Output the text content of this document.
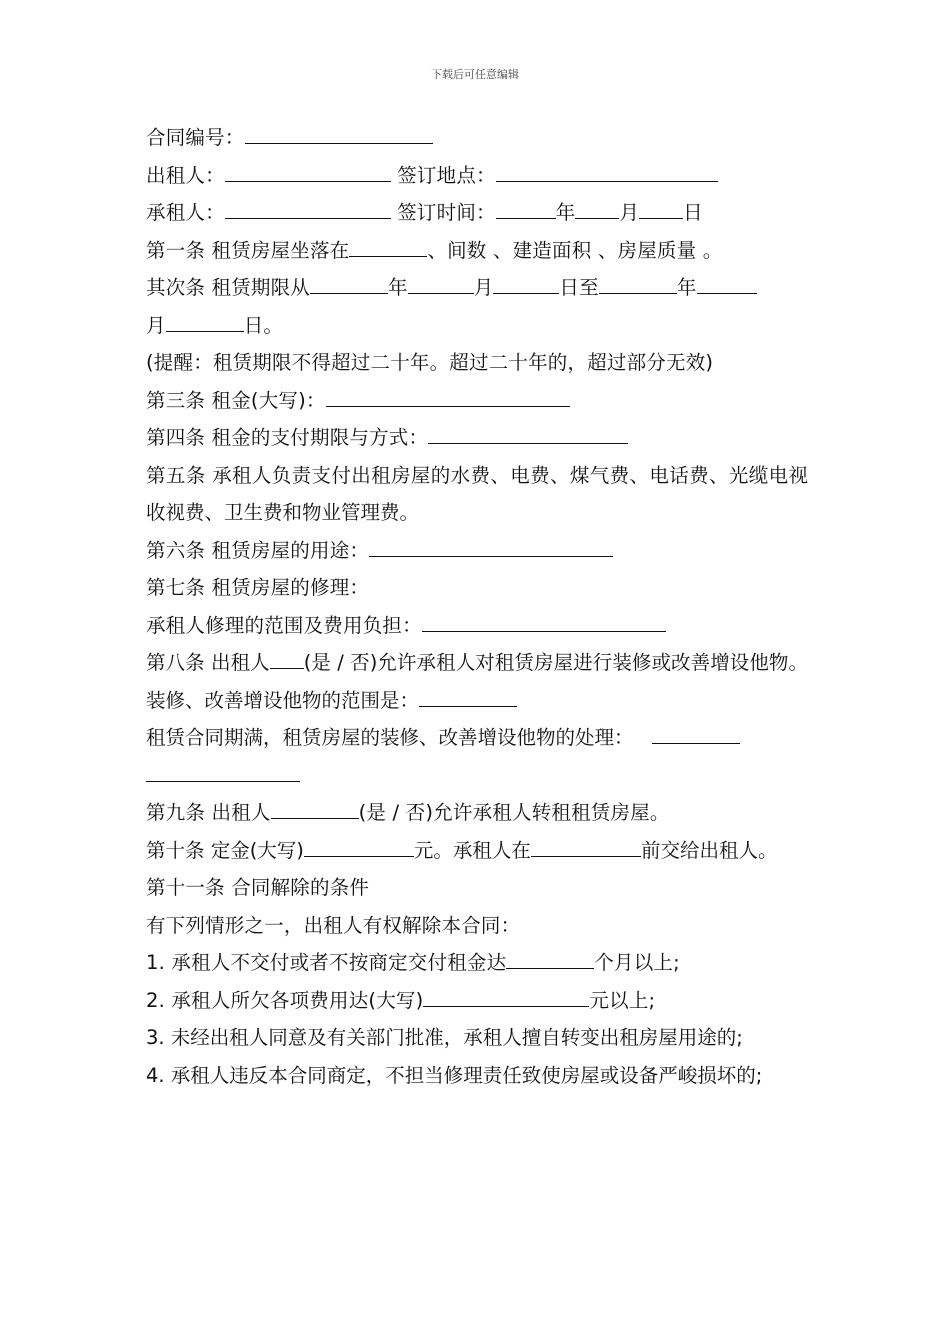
下载后可任意编辑
合同编号：
出租人：	签订地点：
承租人：	签订时间：	年 月 日
第一条 租赁房屋坐落在	、间数 、建造面积 、房屋质量 。
其次条 租赁期限从	年	月	日至	年
月	日。
(提醒：租赁期限不得超过二十年。超过二十年的，超过部分无效)
第三条 租金(大写)：
第四条 租金的支付期限与方式：
第五条 承租人负责支付出租房屋的水费、电费、煤气费、电话费、光缆电视收视费、卫生费和物业管理费。
第六条 租赁房屋的用途：
第七条 租赁房屋的修理：
承租人修理的范围及费用负担：
第八条 出租人 (是 / 否)允许承租人对租赁房屋进行装修或改善增设他物。装修、改善增设他物的范围是：
租赁合同期满，租赁房屋的装修、改善增设他物的处理：

第九条 出租人	(是 / 否)允许承租人转租租赁房屋。
第十条 定金(大写)	元。承租人在	前交给出租人。
第十一条 合同解除的条件
有下列情形之一，出租人有权解除本合同：
1. 承租人不交付或者不按商定交付租金达	个月以上;
2. 承租人所欠各项费用达(大写)	元以上;
3. 未经出租人同意及有关部门批准，承租人擅自转变出租房屋用途的;
4. 承租人违反本合同商定，不担当修理责任致使房屋或设备严峻损坏的;
